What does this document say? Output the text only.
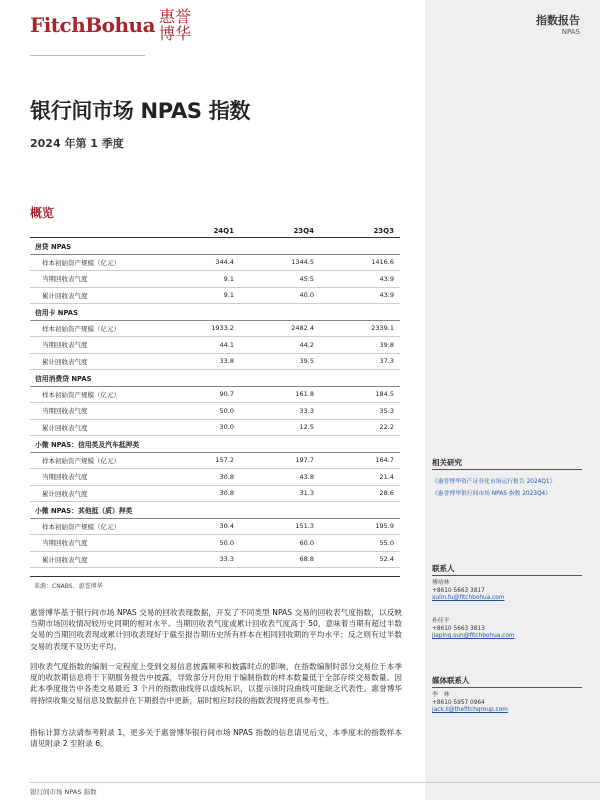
FitchBohua 惠誉博华
指数报告
NPAS
银行间市场 NPAS 指数
2024 年第 1 季度
概览
24Q1	23Q4	23Q3
房贷 NPAS
样本初始资产规模（亿元）	344.4	1344.5	1416.6
当期回收表气度	9.1	45.5	43.9
累计回收表气度	9.1	40.0	43.9
信用卡 NPAS
样本初始资产规模（亿元）	1933.2	2482.4	2339.1
当期回收表气度	44.1	44.2	39.8
累计回收表气度	33.8	39.5	37.3
信用消费贷 NPAS
样本初始资产规模（亿元）	90.7	161.8	184.5
当期回收表气度	50.0	33.3	35.3
累计回收表气度	30.0	12.5	22.2
小微 NPAS：信用类及汽车抵押类
样本初始资产规模（亿元）	157.2	197.7	164.7
当期回收表气度	30.8	43.8	21.4
累计回收表气度	30.8	31.3	28.6
小微 NPAS：其他抵（质）押类
样本初始资产规模（亿元）	30.4	151.3	195.9
当期回收表气度	50.0	60.0	55.0
累计回收表气度	33.3	68.8	52.4
来源：CNABS、惠誉博华
惠誉博华基于银行间市场 NPAS 交易的回收表现数据，开发了不同类型 NPAS 交易的回收表气度指数，以反映当期市场回收情况较历史同期的相对水平。当期回收表气度或累计回收表气度高于 50，意味着当期有超过半数交易的当期回收表现或累计回收表现好于截至报告期历史所有样本在相同回收期的平均水平；反之则有过半数交易的表现不及历史平均。
回收表气度指数的编制一定程度上受到交易信息披露频率和披露时点的影响，在指数编制时部分交易位于本季度的收款期信息将于下期服务报告中披露，导致部分月份用于编制指数的样本数量低于全部存续交易数量。因此本季度报告中各类交易最近 3 个月的指数曲线将以虚线标识，以提示该时段曲线可能缺乏代表性。惠誉博华将持续收集交易信息及数据并在下期报告中更新，届时相应时段的指数表现将更具参考性。
指标计算方法请参考附录 1，更多关于惠誉博华银行间市场 NPAS 指数的信息请见后文，本季度末的指数样本请见附录 2 至附录 6。
银行间市场 NPAS 指数
相关研究
《惠誉博华资产证券化市场运行报告 2024Q1》
《惠誉博华银行间市场 NPAS 指数 2023Q4》
联系人
傅靖林
+8610 5663 3817
xulin.fu@fitchbohua.com
孙佳平
+8610 5663 3813
jiaping.sun@fitchbohua.com
媒体联系人
李　林
+8610 5957 0964
jack.li@thefitchgroup.com
